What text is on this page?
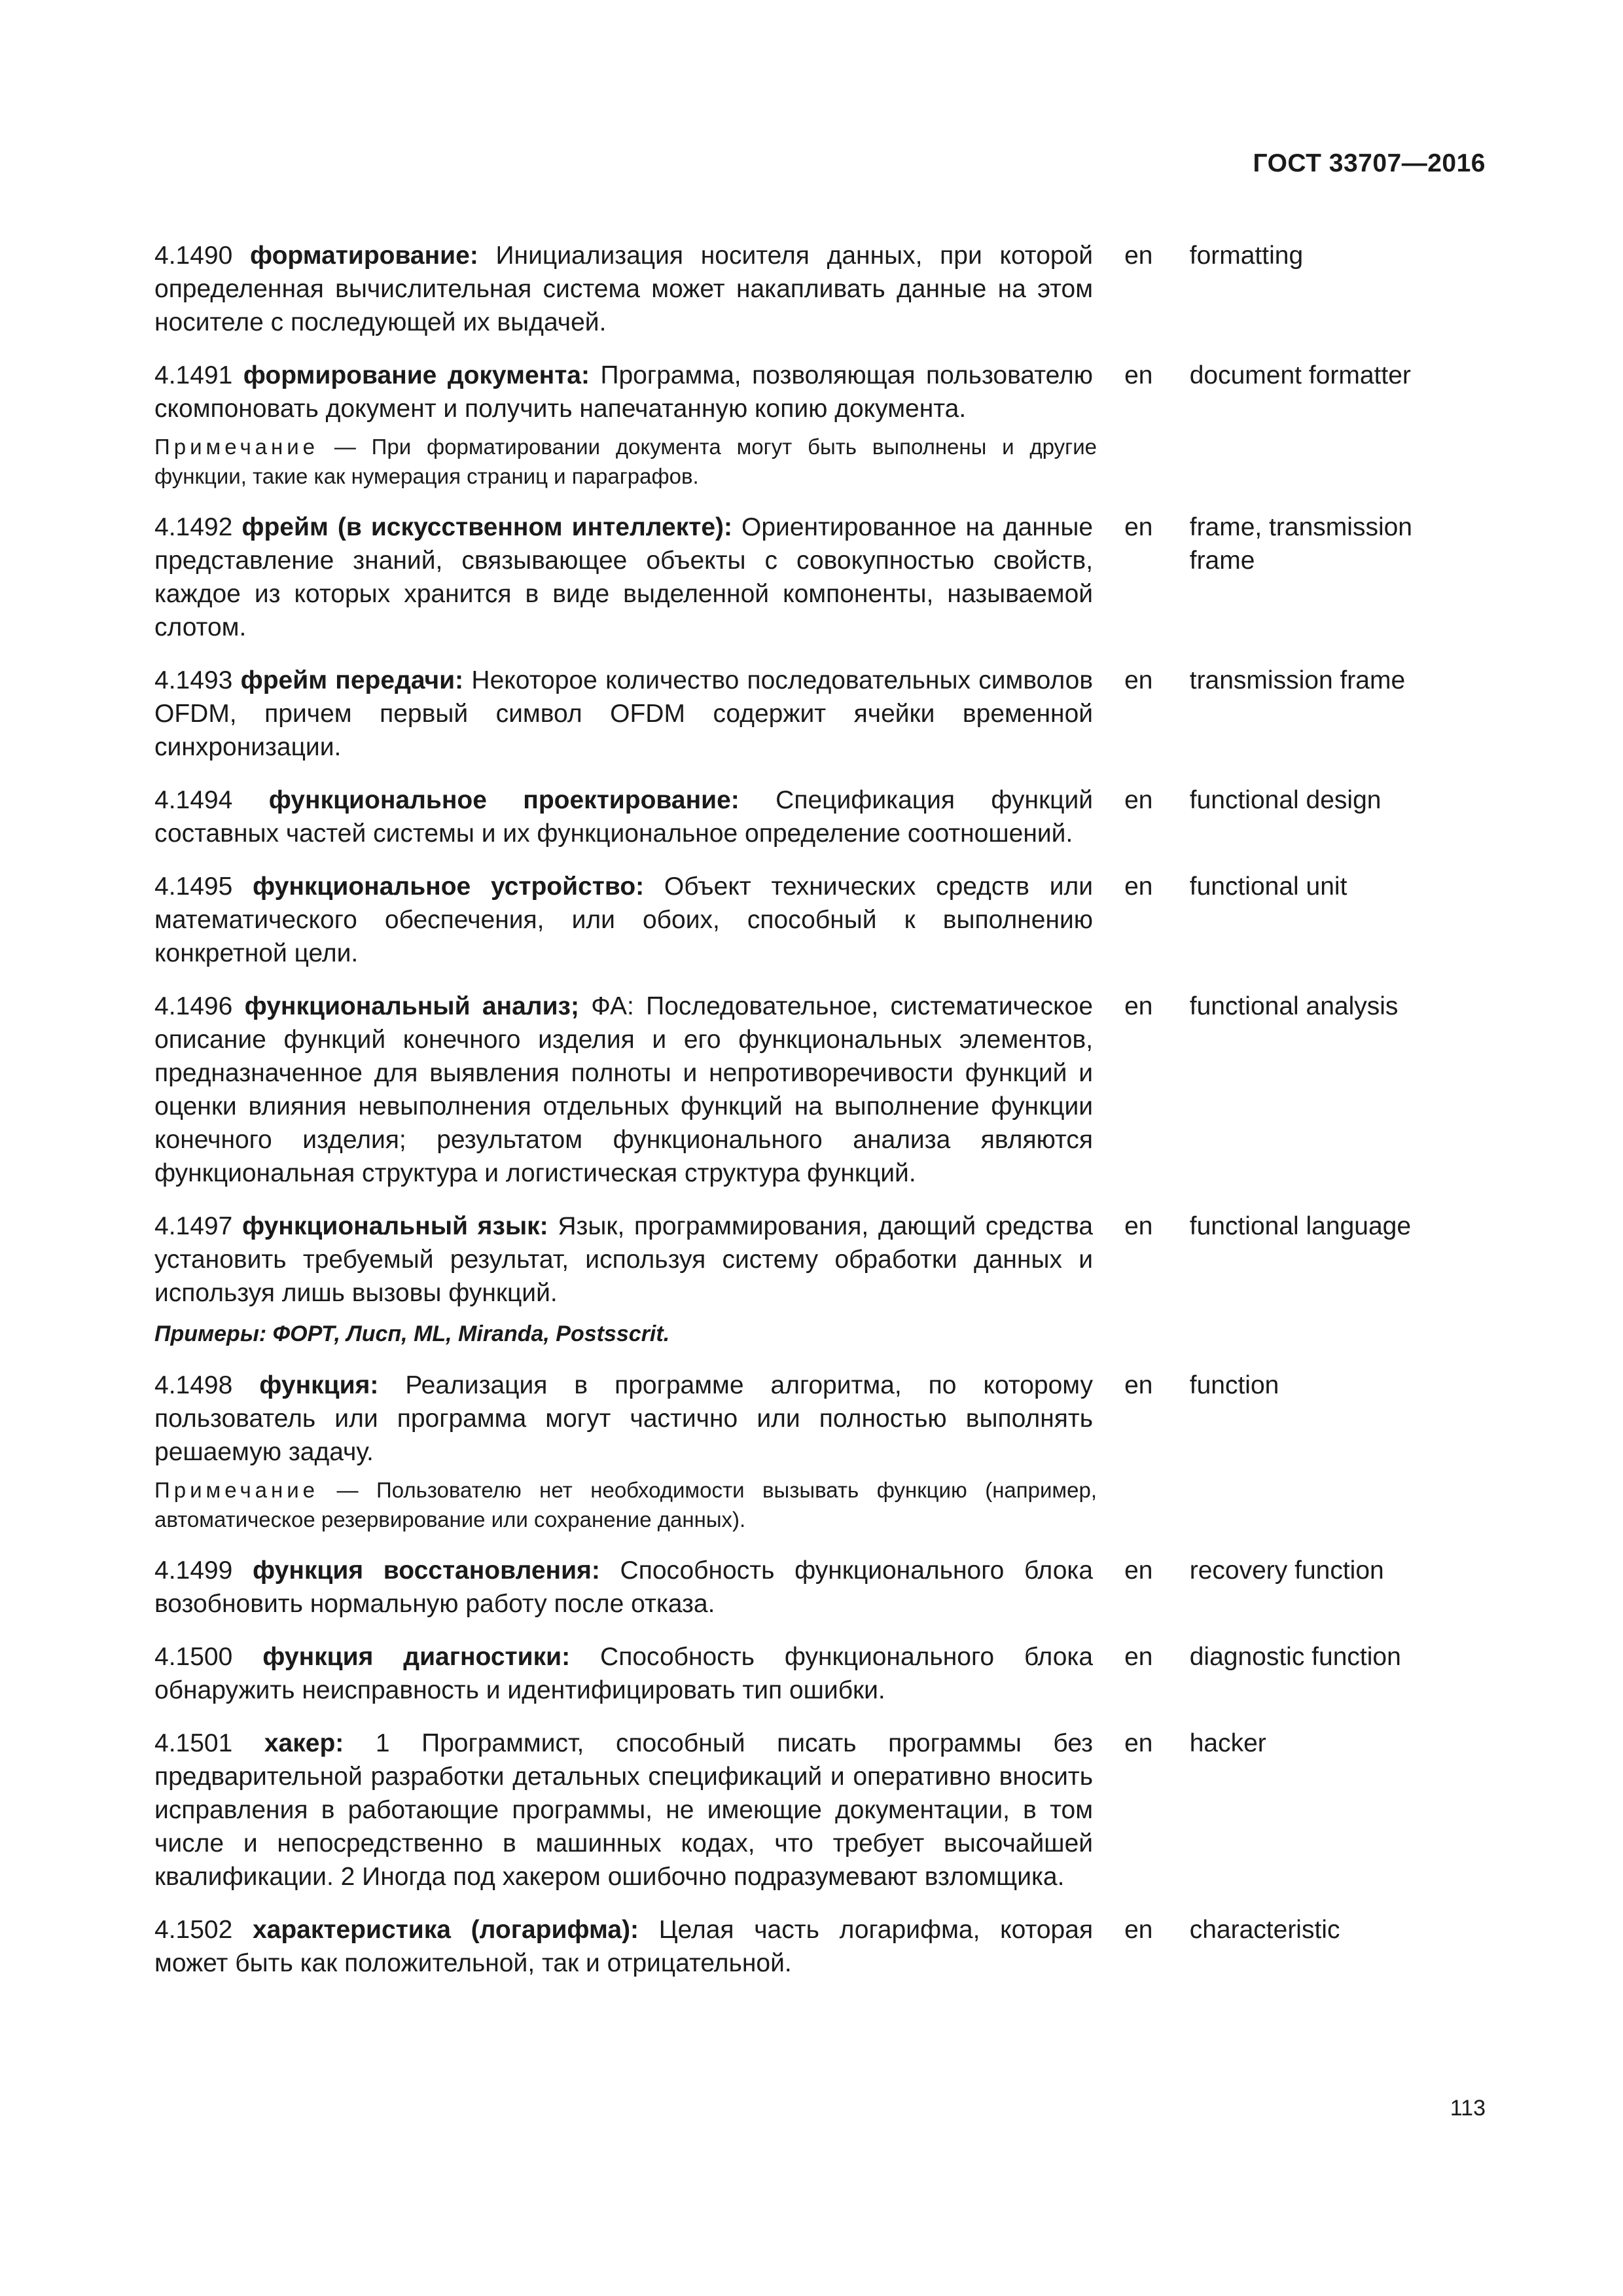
ГОСТ 33707—2016
4.1490 форматирование: Инициализация носителя данных, при которой определенная вычислительная система может накапливать данные на этом носителе с последующей их выдачей.
en	formatting
4.1491 формирование документа: Программа, позволяющая пользователю скомпоновать документ и получить напечатанную копию документа.
en	document formatter
Примечание — При форматировании документа могут быть выполнены и другие функции, такие как нумерация страниц и параграфов.
4.1492 фрейм (в искусственном интеллекте): Ориентированное на данные представление знаний, связывающее объекты с совокупностью свойств, каждое из которых хранится в виде выделенной компоненты, называемой слотом.
en	frame, transmission frame
4.1493 фрейм передачи: Некоторое количество последовательных символов OFDM, причем первый символ OFDM содержит ячейки временной синхронизации.
en	transmission frame
4.1494 функциональное проектирование: Спецификация функций составных частей системы и их функциональное определение соотношений.
en	functional design
4.1495 функциональное устройство: Объект технических средств или математического обеспечения, или обоих, способный к выполнению конкретной цели.
en	functional unit
4.1496 функциональный анализ; ФА: Последовательное, систематическое описание функций конечного изделия и его функциональных элементов, предназначенное для выявления полноты и непротиворечивости функций и оценки влияния невыполнения отдельных функций на выполнение функции конечного изделия; результатом функционального анализа являются функциональная структура и логистическая структура функций.
en	functional analysis
4.1497 функциональный язык: Язык, программирования, дающий средства установить требуемый результат, используя систему обработки данных и используя лишь вызовы функций.
en	functional language
Примеры: ФОРТ, Лисп, ML, Miranda, Postsscrit.
4.1498 функция: Реализация в программе алгоритма, по которому пользователь или программа могут частично или полностью выполнять решаемую задачу.
en	function
Примечание — Пользователю нет необходимости вызывать функцию (например, автоматическое резервирование или сохранение данных).
4.1499 функция восстановления: Способность функционального блока возобновить нормальную работу после отказа.
en	recovery function
4.1500 функция диагностики: Способность функционального блока обнаружить неисправность и идентифицировать тип ошибки.
en	diagnostic function
4.1501 хакер: 1 Программист, способный писать программы без предварительной разработки детальных спецификаций и оперативно вносить исправления в работающие программы, не имеющие документации, в том числе и непосредственно в машинных кодах, что требует высочайшей квалификации. 2 Иногда под хакером ошибочно подразумевают взломщика.
en	hacker
4.1502 характеристика (логарифма): Целая часть логарифма, которая может быть как положительной, так и отрицательной.
en	characteristic
113
